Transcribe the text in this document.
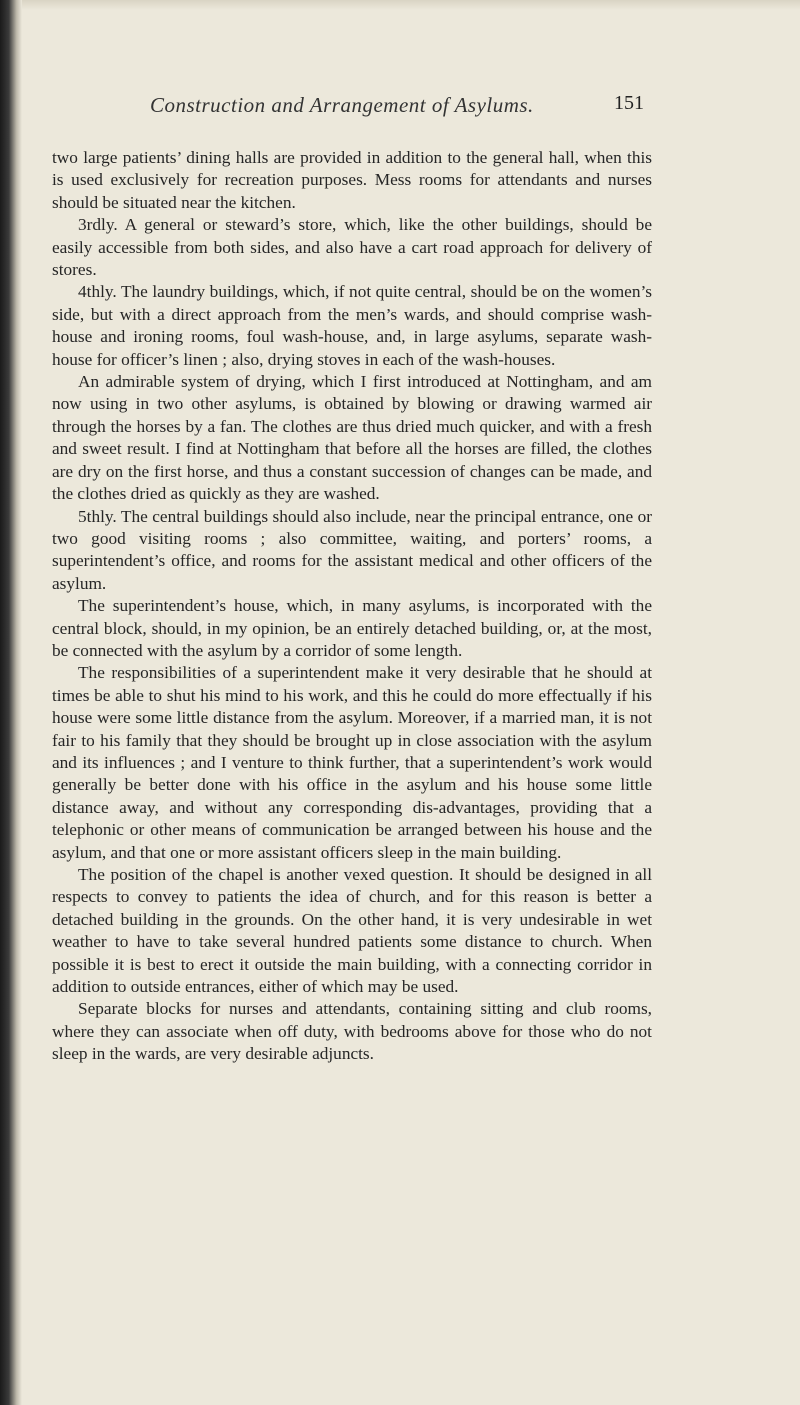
Construction and Arrangement of Asylums.	151

two large patients’ dining halls are provided in addition to the general hall, when this is used exclusively for recreation purposes. Mess rooms for attendants and nurses should be situated near the kitchen.

3rdly. A general or steward’s store, which, like the other buildings, should be easily accessible from both sides, and also have a cart road approach for delivery of stores.

4thly. The laundry buildings, which, if not quite central, should be on the women’s side, but with a direct approach from the men’s wards, and should comprise wash-house and ironing rooms, foul wash-house, and, in large asylums, separate wash-house for officer’s linen ; also, drying stoves in each of the wash-houses.

An admirable system of drying, which I first introduced at Nottingham, and am now using in two other asylums, is obtained by blowing or drawing warmed air through the horses by a fan. The clothes are thus dried much quicker, and with a fresh and sweet result. I find at Nottingham that before all the horses are filled, the clothes are dry on the first horse, and thus a constant succession of changes can be made, and the clothes dried as quickly as they are washed.

5thly. The central buildings should also include, near the principal entrance, one or two good visiting rooms ; also committee, waiting, and porters’ rooms, a superintendent’s office, and rooms for the assistant medical and other officers of the asylum.

The superintendent’s house, which, in many asylums, is incorporated with the central block, should, in my opinion, be an entirely detached building, or, at the most, be connected with the asylum by a corridor of some length.

The responsibilities of a superintendent make it very desirable that he should at times be able to shut his mind to his work, and this he could do more effectually if his house were some little distance from the asylum. Moreover, if a married man, it is not fair to his family that they should be brought up in close association with the asylum and its influences ; and I venture to think further, that a superintendent’s work would generally be better done with his office in the asylum and his house some little distance away, and without any corresponding dis-advantages, providing that a telephonic or other means of communication be arranged between his house and the asylum, and that one or more assistant officers sleep in the main building.

The position of the chapel is another vexed question. It should be designed in all respects to convey to patients the idea of church, and for this reason is better a detached building in the grounds. On the other hand, it is very undesirable in wet weather to have to take several hundred patients some distance to church. When possible it is best to erect it outside the main building, with a connecting corridor in addition to outside entrances, either of which may be used.

Separate blocks for nurses and attendants, containing sitting and club rooms, where they can associate when off duty, with bedrooms above for those who do not sleep in the wards, are very desirable adjuncts.
